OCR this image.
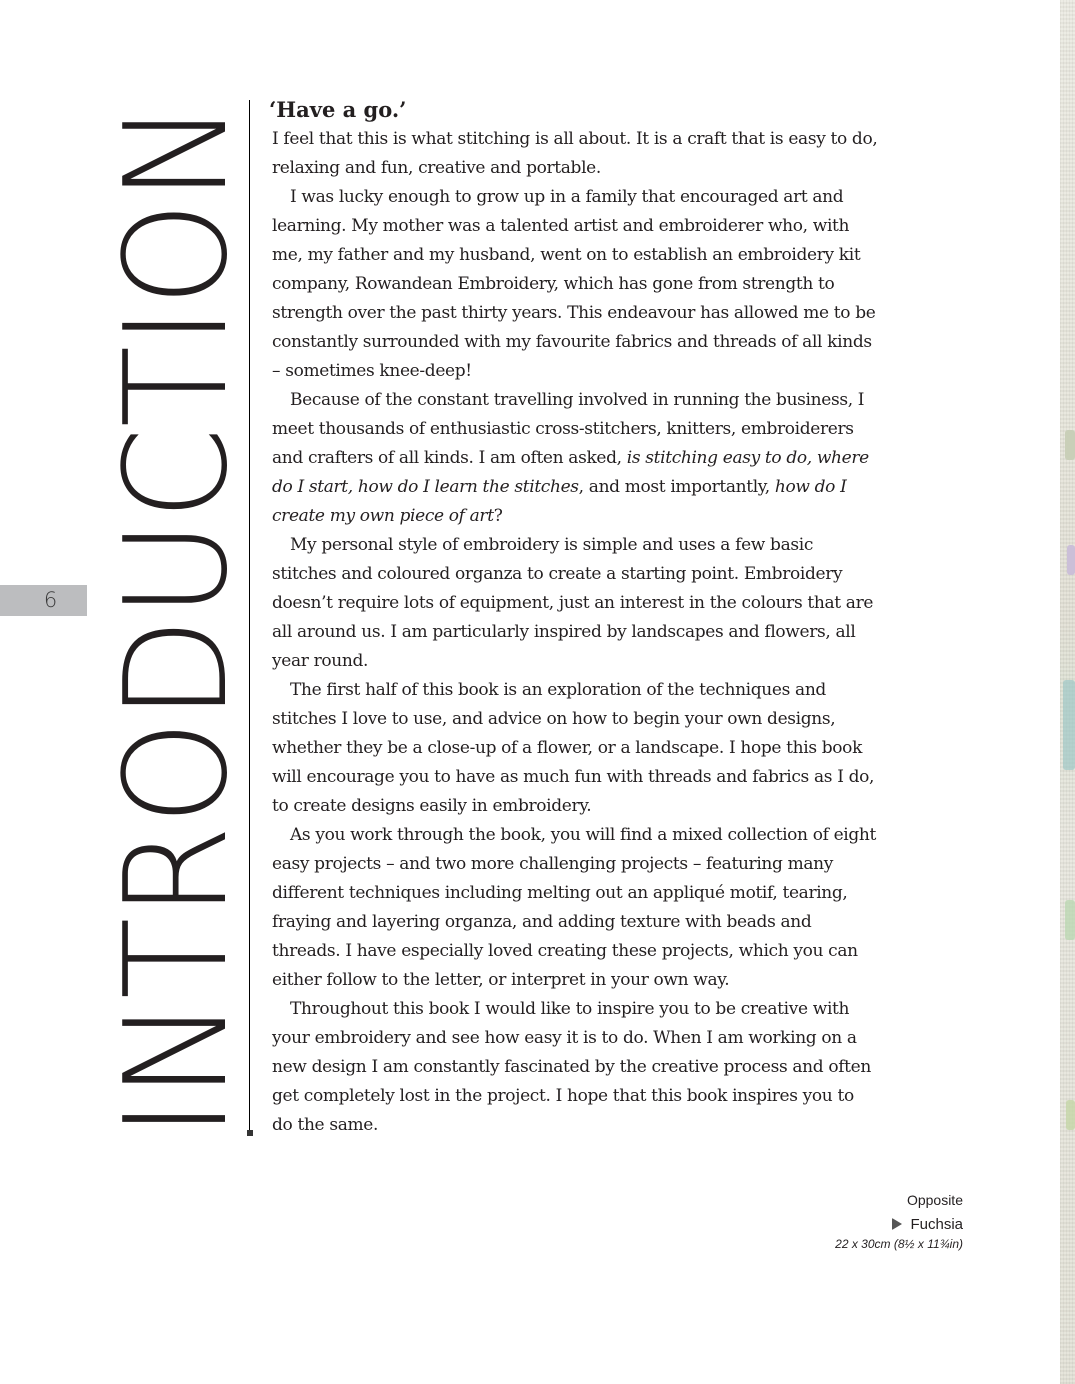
INTRODUCTION
6
‘Have a go.’

I feel that this is what stitching is all about. It is a craft that is easy to do, relaxing and fun, creative and portable.

I was lucky enough to grow up in a family that encouraged art and learning. My mother was a talented artist and embroiderer who, with me, my father and my husband, went on to establish an embroidery kit company, Rowandean Embroidery, which has gone from strength to strength over the past thirty years. This endeavour has allowed me to be constantly surrounded with my favourite fabrics and threads of all kinds – sometimes knee-deep!

Because of the constant travelling involved in running the business, I meet thousands of enthusiastic cross-stitchers, knitters, embroiderers and crafters of all kinds. I am often asked, is stitching easy to do, where do I start, how do I learn the stitches, and most importantly, how do I create my own piece of art?

My personal style of embroidery is simple and uses a few basic stitches and coloured organza to create a starting point. Embroidery doesn’t require lots of equipment, just an interest in the colours that are all around us. I am particularly inspired by landscapes and flowers, all year round.

The first half of this book is an exploration of the techniques and stitches I love to use, and advice on how to begin your own designs, whether they be a close-up of a flower, or a landscape. I hope this book will encourage you to have as much fun with threads and fabrics as I do, to create designs easily in embroidery.

As you work through the book, you will find a mixed collection of eight easy projects – and two more challenging projects – featuring many different techniques including melting out an appliqué motif, tearing, fraying and layering organza, and adding texture with beads and threads. I have especially loved creating these projects, which you can either follow to the letter, or interpret in your own way.

Throughout this book I would like to inspire you to be creative with your embroidery and see how easy it is to do. When I am working on a new design I am constantly fascinated by the creative process and often get completely lost in the project. I hope that this book inspires you to do the same.

Opposite
Fuchsia
22 x 30cm (8½ x 11¾in)
